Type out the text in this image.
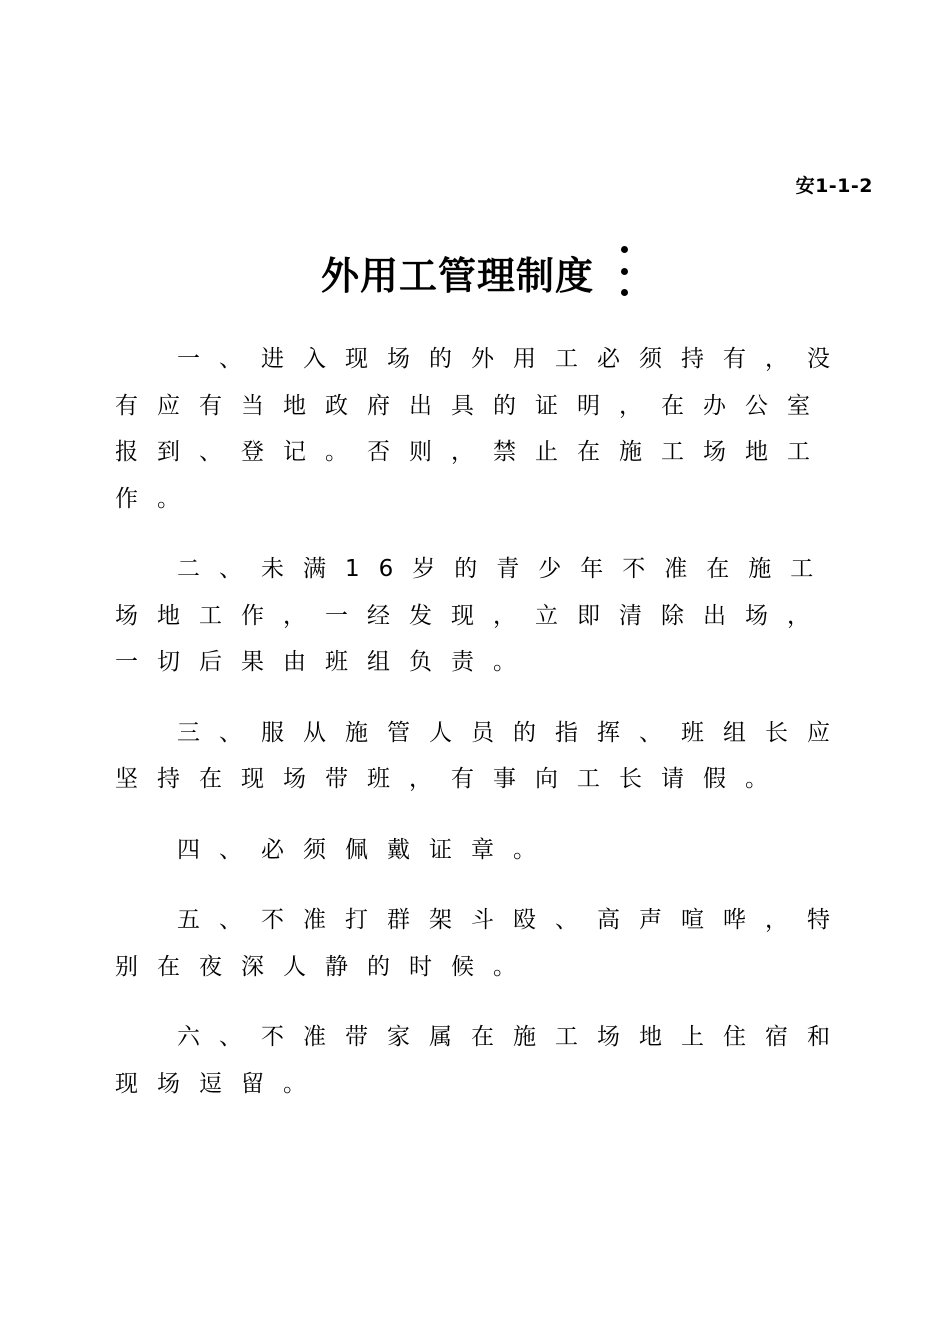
安1-1-2
外用工管理制度

一、进入现场的外用工必须持有，没有应有当地政府出具的证明，在办公室报到、登记。否则，禁止在施工场地工作。

二、未满16岁的青少年不准在施工场地工作，一经发现，立即清除出场，一切后果由班组负责。

三、服从施管人员的指挥、班组长应坚持在现场带班，有事向工长请假。

四、必须佩戴证章。

五、不准打群架斗殴、高声喧哗，特别在夜深人静的时候。

六、不准带家属在施工场地上住宿和现场逗留。
